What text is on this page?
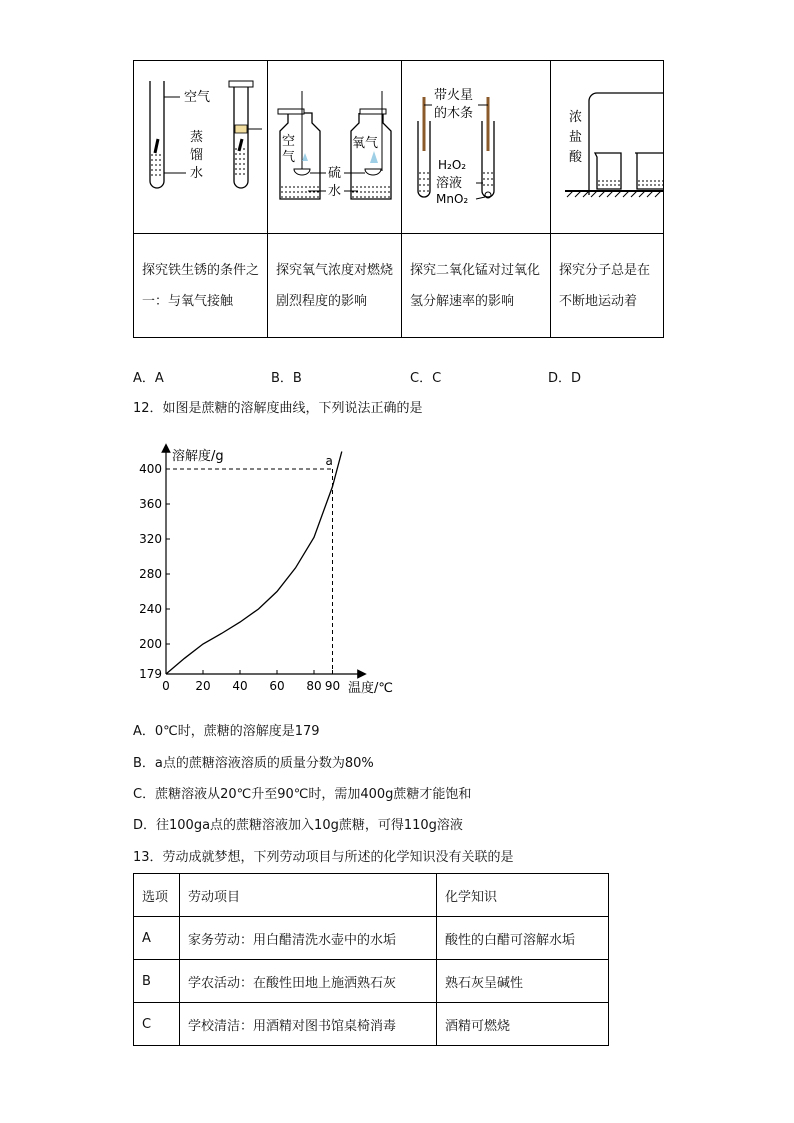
空气
蒸
馏
水	空
气
氧气
硫
水	带火星
的木条
H₂O₂
溶液
MnO₂	浓
盐
酸

探究铁生锈的条件之一：与氧气接触	探究氧气浓度对燃烧剧烈程度的影响	探究二氧化锰对过氧化氢分解速率的影响	探究分子总是在不断地运动着
A．A	B．B	C．C	D．D
12．如图是蔗糖的溶解度曲线，下列说法正确的是
溶解度/g
温度/℃
179
200
240
280
320
360
400
0 20 40 60 80 90
a
A．0℃时，蔗糖的溶解度是179
B．a点的蔗糖溶液溶质的质量分数为80%
C．蔗糖溶液从20℃升至90℃时，需加400g蔗糖才能饱和
D．往100ga点的蔗糖溶液加入10g蔗糖，可得110g溶液
13．劳动成就梦想，下列劳动项目与所述的化学知识没有关联的是
选项	劳动项目	化学知识
A	家务劳动：用白醋清洗水壶中的水垢	酸性的白醋可溶解水垢
B	学农活动：在酸性田地上施洒熟石灰	熟石灰呈碱性
C	学校清洁：用酒精对图书馆桌椅消毒	酒精可燃烧
